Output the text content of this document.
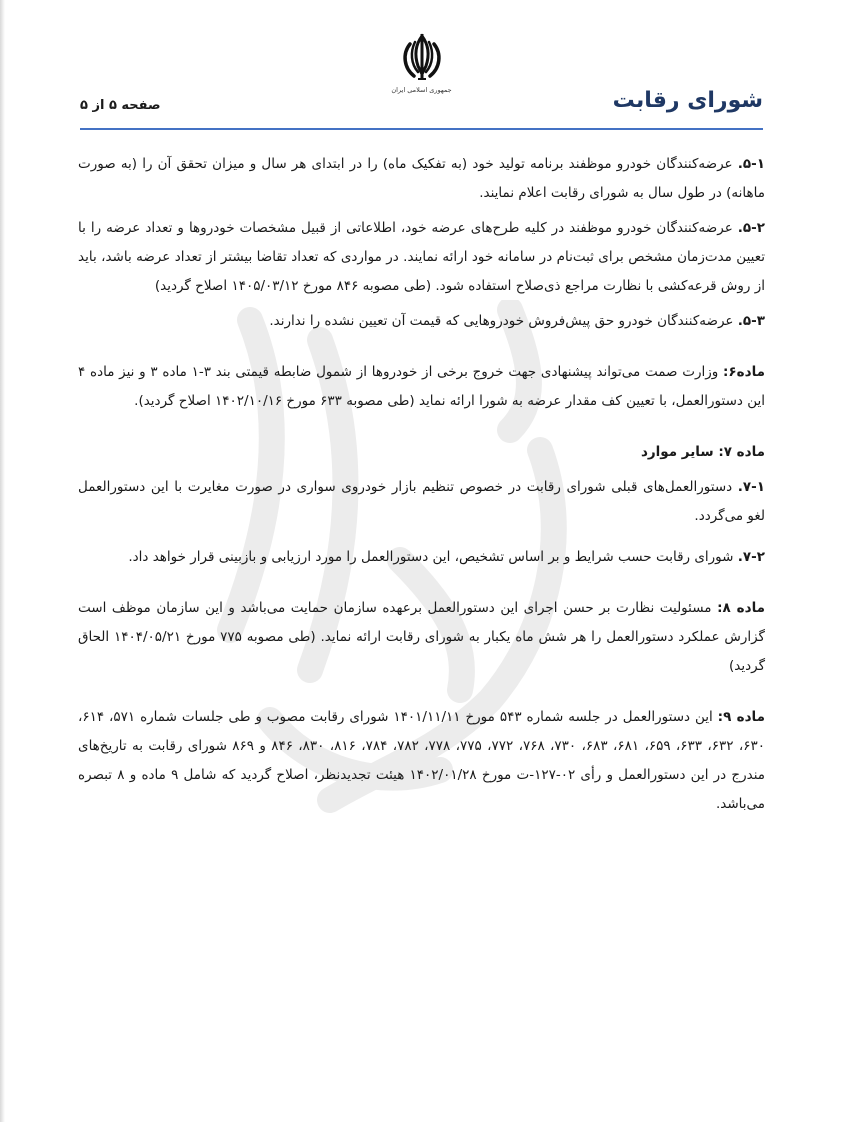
جمهوری اسلامی ایران	شورای رقابت
صفحه ۵ از ۵

۵-۱. عرضه‌کنندگان خودرو موظفند برنامه تولید خود (به تفکیک ماه) را در ابتدای هر سال و میزان تحقق آن را (به صورت ماهانه) در طول سال به شورای رقابت اعلام نمایند.

۵-۲. عرضه‌کنندگان خودرو موظفند در کلیه طرح‌های عرضه خود، اطلاعاتی از قبیل مشخصات خودروها و تعداد عرضه را با تعیین مدت‌زمان مشخص برای ثبت‌نام در سامانه خود ارائه نمایند. در مواردی که تعداد تقاضا بیشتر از تعداد عرضه باشد، باید از روش قرعه‌کشی با نظارت مراجع ذی‌صلاح استفاده شود. (طی مصوبه ۸۴۶ مورخ ۱۴۰۵/۰۳/۱۲ اصلاح گردید)

۵-۳. عرضه‌کنندگان خودرو حق پیش‌فروش خودروهایی که قیمت آن تعیین نشده را ندارند.

ماده۶: وزارت صمت می‌تواند پیشنهادی جهت خروج برخی از خودروها از شمول ضابطه قیمتی بند ۳-۱ ماده ۳ و نیز ماده ۴ این دستورالعمل، با تعیین کف مقدار عرضه به شورا ارائه نماید (طی مصوبه ۶۳۳ مورخ ۱۴۰۲/۱۰/۱۶ اصلاح گردید).

ماده ۷: سایر موارد

۷-۱. دستورالعمل‌های قبلی شورای رقابت در خصوص تنظیم بازار خودروی سواری در صورت مغایرت با این دستورالعمل لغو می‌گردد.

۷-۲. شورای رقابت حسب شرایط و بر اساس تشخیص، این دستورالعمل را مورد ارزیابی و بازبینی قرار خواهد داد.

ماده ۸: مسئولیت نظارت بر حسن اجرای این دستورالعمل برعهده سازمان حمایت می‌باشد و این سازمان موظف است گزارش عملکرد دستورالعمل را هر شش ماه یکبار به شورای رقابت ارائه نماید. (طی مصوبه ۷۷۵ مورخ ۱۴۰۴/۰۵/۲۱ الحاق گردید)

ماده ۹: این دستورالعمل در جلسه شماره ۵۴۳ مورخ ۱۴۰۱/۱۱/۱۱ شورای رقابت مصوب و طی جلسات شماره ۵۷۱، ۶۱۴، ۶۳۰، ۶۳۲، ۶۳۳، ۶۵۹، ۶۸۱، ۶۸۳، ۷۳۰، ۷۶۸، ۷۷۲، ۷۷۵، ۷۷۸، ۷۸۲، ۷۸۴، ۸۱۶، ۸۳۰، ۸۴۶ و ۸۶۹ شورای رقابت به تاریخ‌های مندرج در این دستورالعمل و رأی ۰۲-۱۲۷-ت مورخ ۱۴۰۲/۰۱/۲۸ هیئت تجدیدنظر، اصلاح گردید که شامل ۹ ماده و ۸ تبصره می‌باشد.
